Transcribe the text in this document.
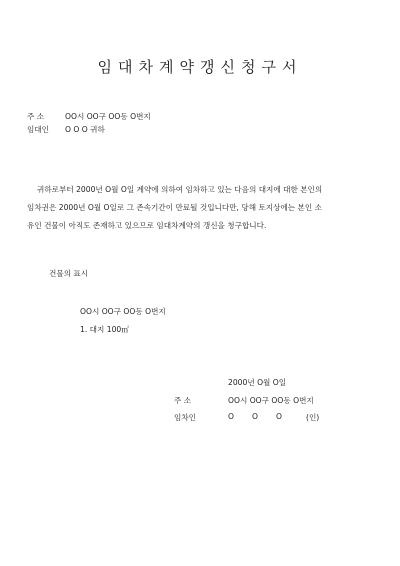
임대차계약갱신청구서
주 소	OO시 OO구 OO동 O번지
임대인 O O O 귀하
귀하로부터 2000년 O월 O일 계약에 의하여 임차하고 있는 다음의 대지에 대한 본인의
임차권은 2000년 O월 O일로 그 존속기간이 만료될 것입니다만, 당해 토지상에는 본인 소
유인 건물이 아직도 존재하고 있으므로 임대차계약의 갱신을 청구합니다.
건물의 표시
OO시 OO구 OO동 O번지
1. 대지 100㎡
2000년 O월 O일
주 소	OO시 OO구 OO동 O번지
임차인	O O O	(인)
